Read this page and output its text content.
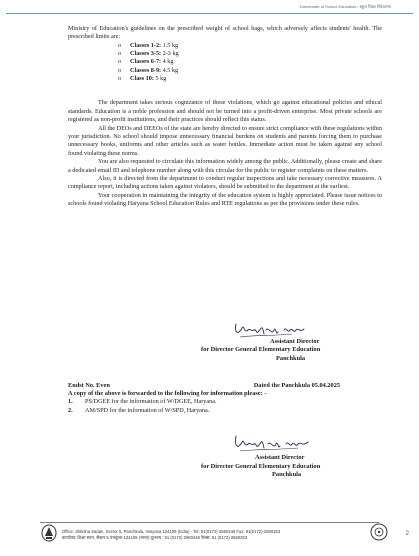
Directorate of School Education / स्कूल शिक्षा निदेशालय

Ministry of Education's guidelines on the prescribed weight of school bags, which adversely affects students' health. The prescribed limits are:

o Classes 1-2: 1.5 kg
o Classes 3-5: 2-3 kg
o Classes 6-7: 4 kg
o Classes 8-9: 4.5 kg
o Class 10: 5 kg

The department takes serious cognizance of these violations, which go against educational policies and ethical standards. Education is a noble profession and should not be turned into a profit-driven enterprise. Most private schools are registered as non-profit institutions, and their practices should reflect this status.

All the DEOs and DEEOs of the state are hereby directed to ensure strict compliance with these regulations within your jurisdiction. No school should impose unnecessary financial burdens on students and parents forcing them to purchase unnecessary books, uniforms and other articles such as water bottles. Immediate action must be taken against any school found violating these norms.

You are also requested to circulate this information widely among the public. Additionally, please create and share a dedicated email ID and telephone number along with this circular for the public to register complaints on these matters.

Also, it is directed from the department to conduct regular inspections and take necessary corrective measures. A compliance report, including actions taken against violators, should be submitted to the department at the earliest.

Your cooperation in maintaining the integrity of the education system is highly appreciated. Please issue notices to schools found violating Haryana School Education Rules and RTE regulations as per the provisions under these rules.

Assistant Director
for Director General Elementary Education
Panchkula
Endst No. Even	Dated the Panchkula 05.04.2025
A copy of the above is forwarded to the following for information please: -
1. PS/DGEE for the information of W/DGEE, Haryana.
2. AM/SPD for the information of W/SPD, Haryana.
Assistant Director
for Director General Elementary Education
Panchkula
Office: Shiksha Sadan, Sector 5, Panchkula, Haryana 134109 (India) · Tel: 91(0172)-2560246 Fax: 91(0172)-2560253
कार्यालय: शिक्षा सदन, सैक्टर 5 पंचकूला-134109 (भारत) दूरभाष : 91 (0172) 2560246 फैक्स: 91 (0172) 2560253
2
